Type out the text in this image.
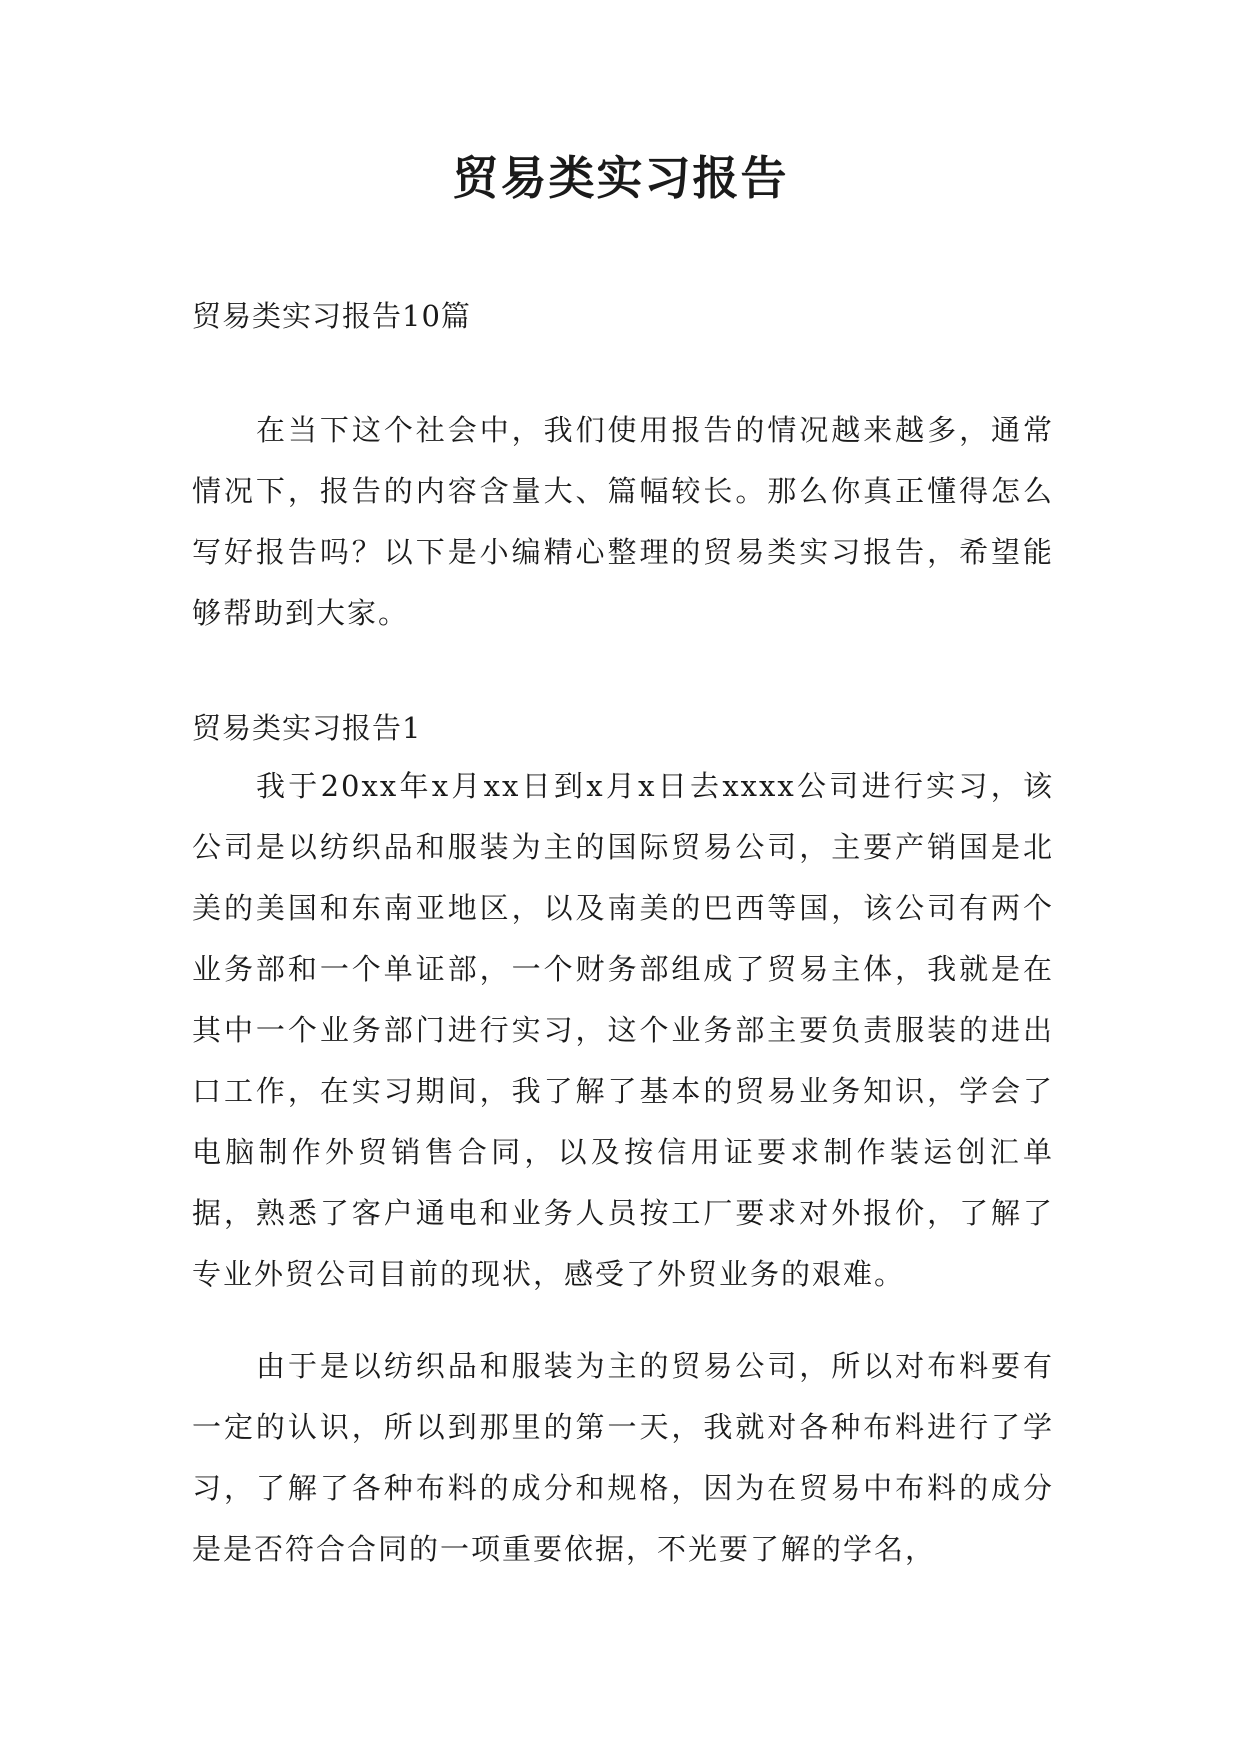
贸易类实习报告
贸易类实习报告10篇
在当下这个社会中，我们使用报告的情况越来越多，通常情况下，报告的内容含量大、篇幅较长。那么你真正懂得怎么写好报告吗？以下是小编精心整理的贸易类实习报告，希望能够帮助到大家。
贸易类实习报告1
我于20xx年x月xx日到x月x日去xxxx公司进行实习，该公司是以纺织品和服装为主的国际贸易公司，主要产销国是北美的美国和东南亚地区，以及南美的巴西等国，该公司有两个业务部和一个单证部，一个财务部组成了贸易主体，我就是在其中一个业务部门进行实习，这个业务部主要负责服装的进出口工作，在实习期间，我了解了基本的贸易业务知识，学会了电脑制作外贸销售合同，以及按信用证要求制作装运创汇单据，熟悉了客户通电和业务人员按工厂要求对外报价，了解了专业外贸公司目前的现状，感受了外贸业务的艰难。
由于是以纺织品和服装为主的贸易公司，所以对布料要有一定的认识，所以到那里的第一天，我就对各种布料进行了学习，了解了各种布料的成分和规格，因为在贸易中布料的成分是是否符合合同的一项重要依据，不光要了解的学名，
